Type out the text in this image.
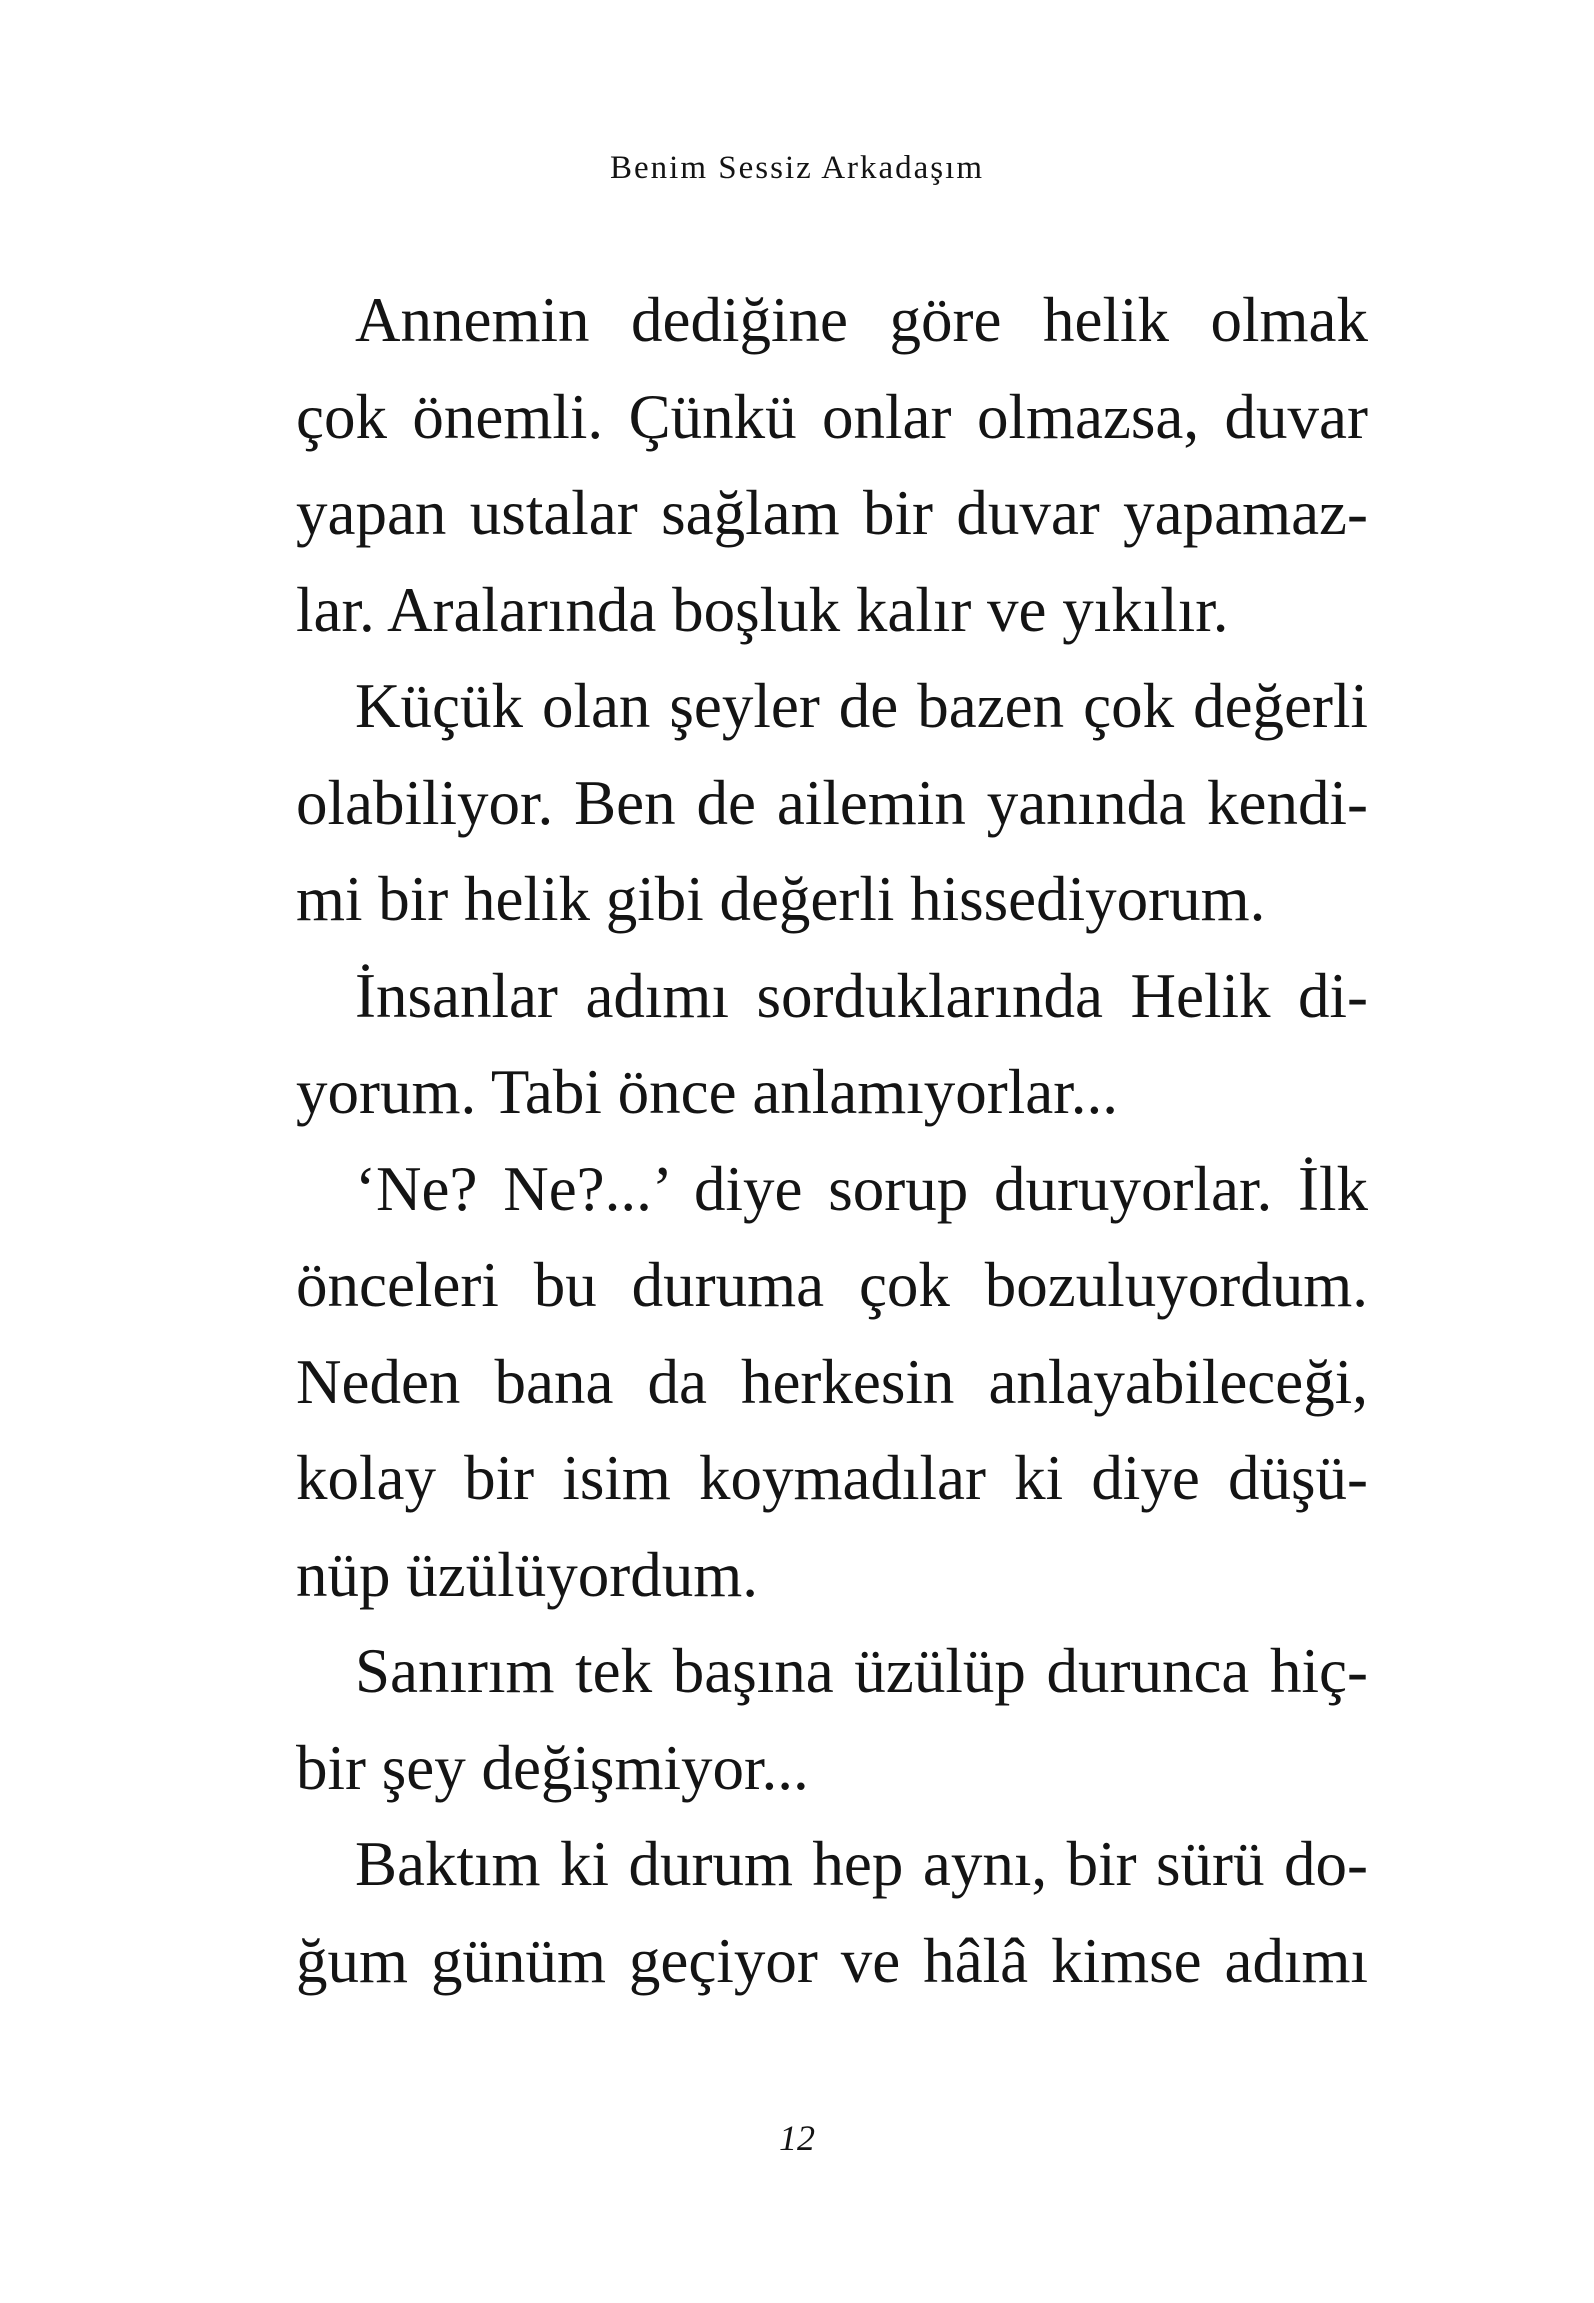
Benim Sessiz Arkadaşım
Annemin dediğine göre helik olmak
çok önemli. Çünkü onlar olmazsa, duvar
yapan ustalar sağlam bir duvar yapamaz-
lar. Aralarında boşluk kalır ve yıkılır.
Küçük olan şeyler de bazen çok değerli
olabiliyor. Ben de ailemin yanında kendi-
mi bir helik gibi değerli hissediyorum.
İnsanlar adımı sorduklarında Helik di-
yorum. Tabi önce anlamıyorlar...
‘Ne? Ne?...’ diye sorup duruyorlar. İlk
önceleri bu duruma çok bozuluyordum.
Neden bana da herkesin anlayabileceği,
kolay bir isim koymadılar ki diye düşü-
nüp üzülüyordum.
Sanırım tek başına üzülüp durunca hiç-
bir şey değişmiyor...
Baktım ki durum hep aynı, bir sürü do-
ğum günüm geçiyor ve hâlâ kimse adımı
12
